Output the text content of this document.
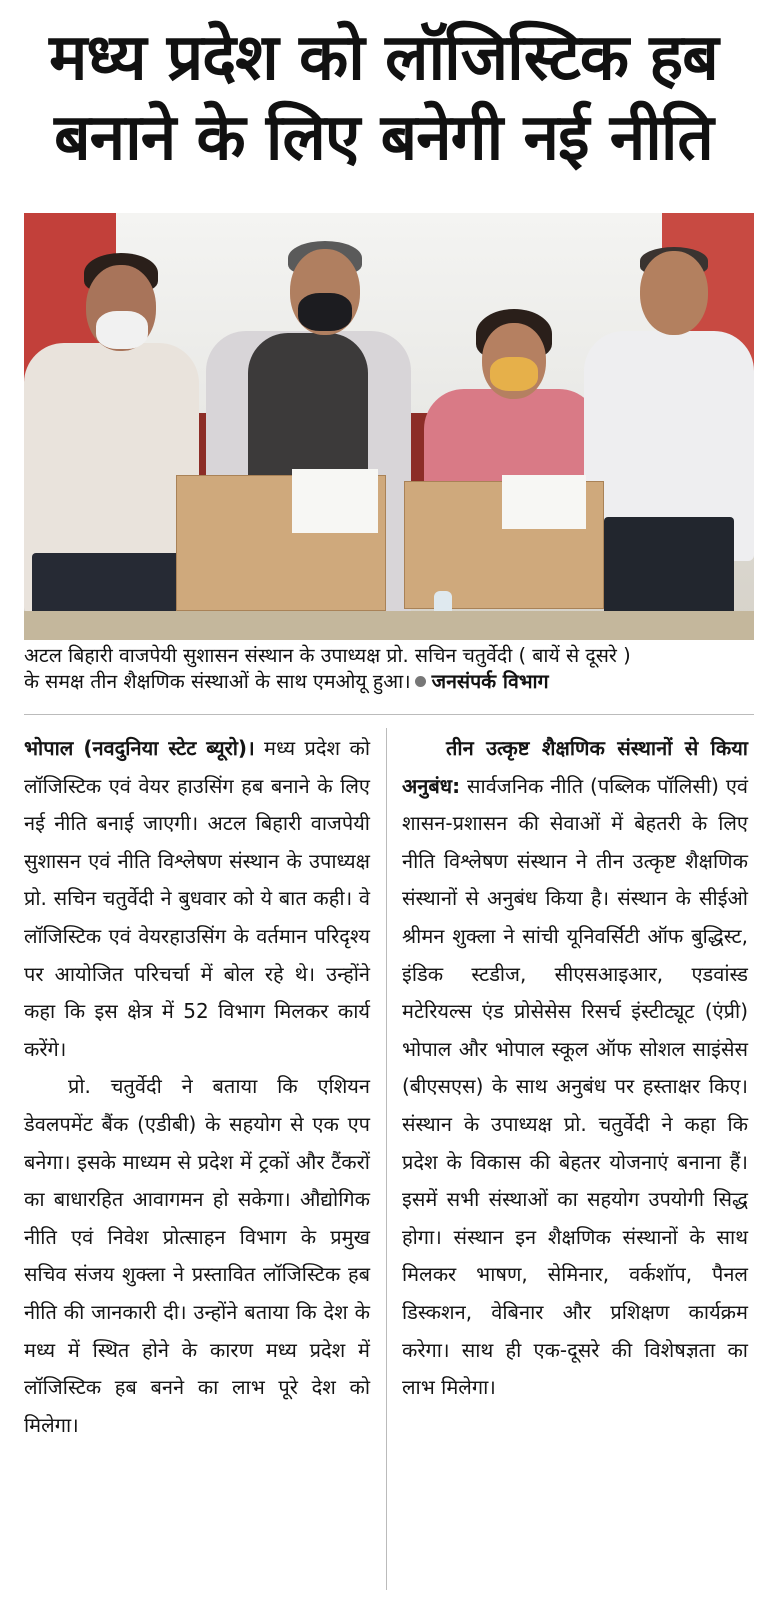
मध्य प्रदेश को लॉजिस्टिक हब
बनाने के लिए बनेगी नई नीति
अटल बिहारी वाजपेयी सुशासन संस्थान के उपाध्यक्ष प्रो. सचिन चतुर्वेदी ( बायें से दूसरे )
के समक्ष तीन शैक्षणिक संस्थाओं के साथ एमओयू हुआ। जनसंपर्क विभाग

भोपाल (नवदुनिया स्टेट ब्यूरो)। मध्य प्रदेश को लॉजिस्टिक एवं वेयर हाउसिंग हब बनाने के लिए नई नीति बनाई जाएगी। अटल बिहारी वाजपेयी सुशासन एवं नीति विश्लेषण संस्थान के उपाध्यक्ष प्रो. सचिन चतुर्वेदी ने बुधवार को ये बात कही। वे लॉजिस्टिक एवं वेयरहाउसिंग के वर्तमान परिदृश्य पर आयोजित परिचर्चा में बोल रहे थे। उन्होंने कहा कि इस क्षेत्र में 52 विभाग मिलकर कार्य करेंगे।

प्रो. चतुर्वेदी ने बताया कि एशियन डेवलपमेंट बैंक (एडीबी) के सहयोग से एक एप बनेगा। इसके माध्यम से प्रदेश में ट्रकों और टैंकरों का बाधारहित आवागमन हो सकेगा। औद्योगिक नीति एवं निवेश प्रोत्साहन विभाग के प्रमुख सचिव संजय शुक्ला ने प्रस्तावित लॉजिस्टिक हब नीति की जानकारी दी। उन्होंने बताया कि देश के मध्य में स्थित होने के कारण मध्य प्रदेश में लॉजिस्टिक हब बनने का लाभ पूरे देश को मिलेगा।

तीन उत्कृष्ट शैक्षणिक संस्थानों से किया अनुबंध: सार्वजनिक नीति (पब्लिक पॉलिसी) एवं शासन-प्रशासन की सेवाओं में बेहतरी के लिए नीति विश्लेषण संस्थान ने तीन उत्कृष्ट शैक्षणिक संस्थानों से अनुबंध किया है। संस्थान के सीईओ श्रीमन शुक्ला ने सांची यूनिवर्सिटी ऑफ बुद्धिस्ट, इंडिक स्टडीज, सीएसआइआर, एडवांस्ड मटेरियल्स एंड प्रोसेसेस रिसर्च इंस्टीट्यूट (एंप्री) भोपाल और भोपाल स्कूल ऑफ सोशल साइंसेस (बीएसएस) के साथ अनुबंध पर हस्ताक्षर किए। संस्थान के उपाध्यक्ष प्रो. चतुर्वेदी ने कहा कि प्रदेश के विकास की बेहतर योजनाएं बनाना हैं। इसमें सभी संस्थाओं का सहयोग उपयोगी सिद्ध होगा। संस्थान इन शैक्षणिक संस्थानों के साथ मिलकर भाषण, सेमिनार, वर्कशॉप, पैनल डिस्कशन, वेबिनार और प्रशिक्षण कार्यक्रम करेगा। साथ ही एक-दूसरे की विशेषज्ञता का लाभ मिलेगा।
